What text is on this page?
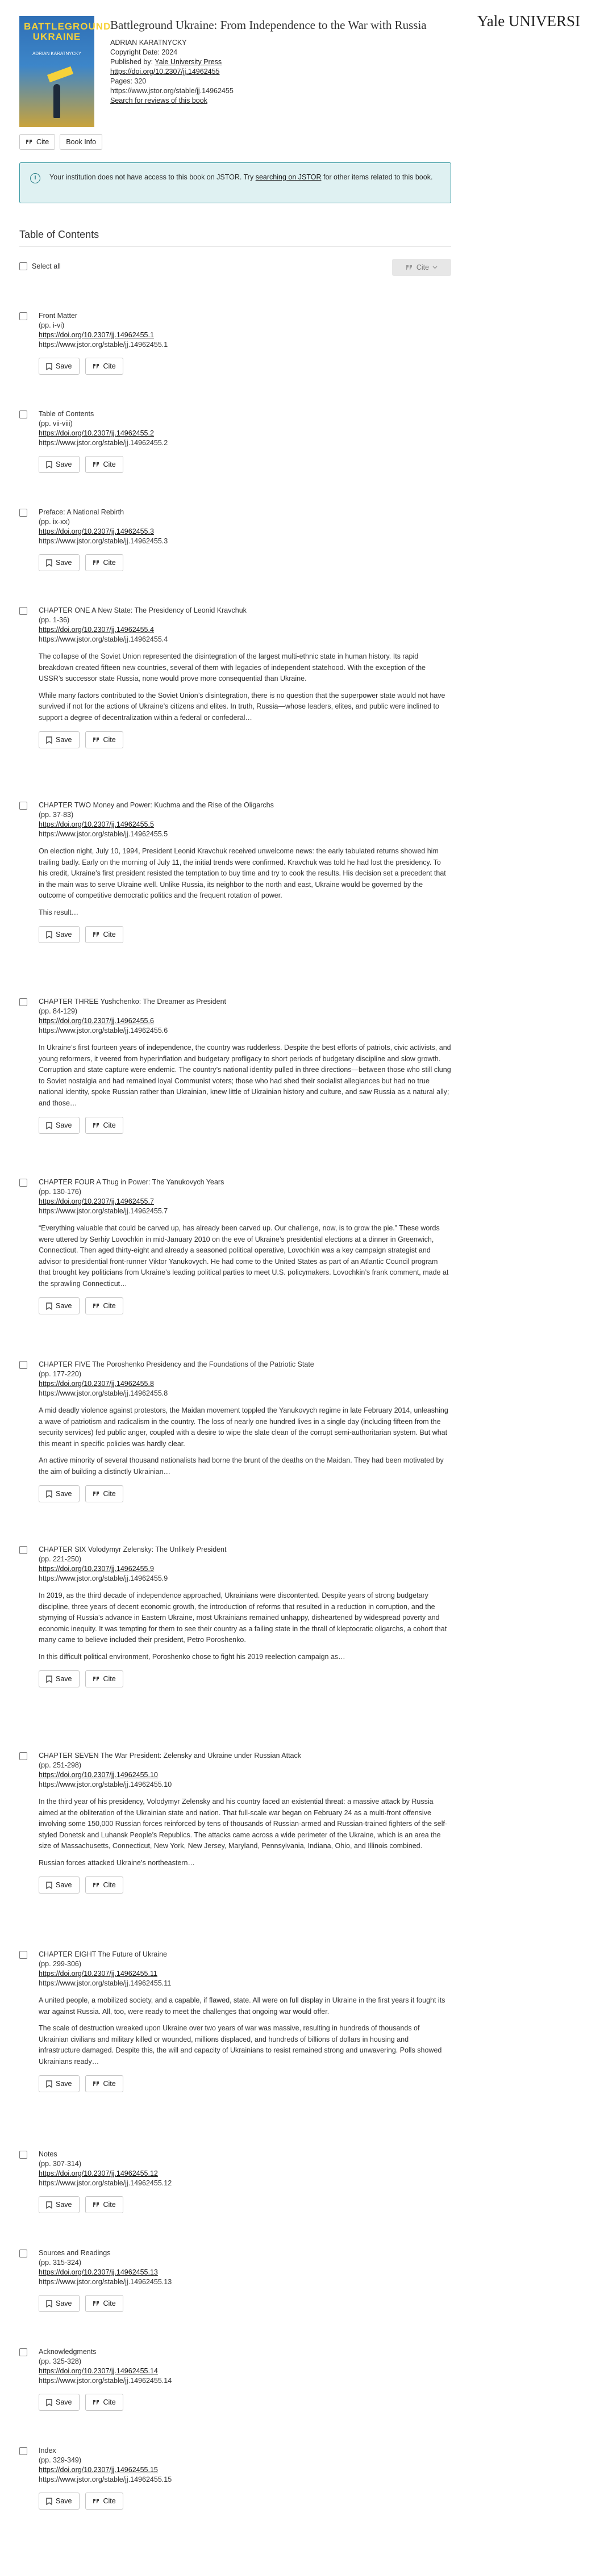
BATTLEGROUND UKRAINE
ADRIAN KARATNYCKY
Battleground Ukraine: From Independence to the War with Russia
ADRIAN KARATNYCKY
Copyright Date: 2024
Published by: Yale University Press
https://doi.org/10.2307/jj.14962455
Pages: 320
https://www.jstor.org/stable/jj.14962455
Search for reviews of this book
Yale UNIVERSI
Cite Book Info
i	Your institution does not have access to this book on JSTOR. Try searching on JSTOR for other items related to this book.
Table of Contents
Select all	Cite
Front Matter
(pp. i-vi)
https://doi.org/10.2307/jj.14962455.1
https://www.jstor.org/stable/jj.14962455.1
Save	Cite
Table of Contents
(pp. vii-viii)
https://doi.org/10.2307/jj.14962455.2
https://www.jstor.org/stable/jj.14962455.2
Save	Cite
Preface: A National Rebirth
(pp. ix-xx)
https://doi.org/10.2307/jj.14962455.3
https://www.jstor.org/stable/jj.14962455.3
Save	Cite
CHAPTER ONE A New State: The Presidency of Leonid Kravchuk
(pp. 1-36)
https://doi.org/10.2307/jj.14962455.4
https://www.jstor.org/stable/jj.14962455.4

The collapse of the Soviet Union represented the disintegration of the largest multi-ethnic state in human history. Its rapid breakdown created fifteen new countries, several of them with legacies of independent statehood. With the exception of the USSR’s successor state Russia, none would prove more consequential than Ukraine.

While many factors contributed to the Soviet Union’s disintegration, there is no question that the superpower state would not have survived if not for the actions of Ukraine’s citizens and elites. In truth, Russia—whose leaders, elites, and public were inclined to support a degree of decentralization within a federal or confederal…

Save	Cite
CHAPTER TWO Money and Power: Kuchma and the Rise of the Oligarchs
(pp. 37-83)
https://doi.org/10.2307/jj.14962455.5
https://www.jstor.org/stable/jj.14962455.5

On election night, July 10, 1994, President Leonid Kravchuk received unwelcome news: the early tabulated returns showed him trailing badly. Early on the morning of July 11, the initial trends were confirmed. Kravchuk was told he had lost the presidency. To his credit, Ukraine’s first president resisted the temptation to buy time and try to cook the results. His decision set a precedent that in the main was to serve Ukraine well. Unlike Russia, its neighbor to the north and east, Ukraine would be governed by the outcome of competitive democratic politics and the frequent rotation of power.

This result…

Save	Cite
CHAPTER THREE Yushchenko: The Dreamer as President
(pp. 84-129)
https://doi.org/10.2307/jj.14962455.6
https://www.jstor.org/stable/jj.14962455.6

In Ukraine’s first fourteen years of independence, the country was rudderless. Despite the best efforts of patriots, civic activists, and young reformers, it veered from hyperinflation and budgetary profligacy to short periods of budgetary discipline and slow growth. Corruption and state capture were endemic. The country’s national identity pulled in three directions—between those who still clung to Soviet nostalgia and had remained loyal Communist voters; those who had shed their socialist allegiances but had no true national identity, spoke Russian rather than Ukrainian, knew little of Ukrainian history and culture, and saw Russia as a natural ally; and those…

Save	Cite
CHAPTER FOUR A Thug in Power: The Yanukovych Years
(pp. 130-176)
https://doi.org/10.2307/jj.14962455.7
https://www.jstor.org/stable/jj.14962455.7

“Everything valuable that could be carved up, has already been carved up. Our challenge, now, is to grow the pie.” These words were uttered by Serhiy Lovochkin in mid-January 2010 on the eve of Ukraine’s presidential elections at a dinner in Greenwich, Connecticut. Then aged thirty-eight and already a seasoned political operative, Lovochkin was a key campaign strategist and advisor to presidential front-runner Viktor Yanukovych. He had come to the United States as part of an Atlantic Council program that brought key politicians from Ukraine’s leading political parties to meet U.S. policymakers. Lovochkin’s frank comment, made at the sprawling Connecticut…

Save	Cite
CHAPTER FIVE The Poroshenko Presidency and the Foundations of the Patriotic State
(pp. 177-220)
https://doi.org/10.2307/jj.14962455.8
https://www.jstor.org/stable/jj.14962455.8

A mid deadly violence against protestors, the Maidan movement toppled the Yanukovych regime in late February 2014, unleashing a wave of patriotism and radicalism in the country. The loss of nearly one hundred lives in a single day (including fifteen from the security services) fed public anger, coupled with a desire to wipe the slate clean of the corrupt semi-authoritarian system. But what this meant in specific policies was hardly clear.

An active minority of several thousand nationalists had borne the brunt of the deaths on the Maidan. They had been motivated by the aim of building a distinctly Ukrainian…

Save	Cite
CHAPTER SIX Volodymyr Zelensky: The Unlikely President
(pp. 221-250)
https://doi.org/10.2307/jj.14962455.9
https://www.jstor.org/stable/jj.14962455.9

In 2019, as the third decade of independence approached, Ukrainians were discontented. Despite years of strong budgetary discipline, three years of decent economic growth, the introduction of reforms that resulted in a reduction in corruption, and the stymying of Russia’s advance in Eastern Ukraine, most Ukrainians remained unhappy, disheartened by widespread poverty and economic inequity. It was tempting for them to see their country as a failing state in the thrall of kleptocratic oligarchs, a cohort that many came to believe included their president, Petro Poroshenko.

In this difficult political environment, Poroshenko chose to fight his 2019 reelection campaign as…

Save	Cite
CHAPTER SEVEN The War President: Zelensky and Ukraine under Russian Attack
(pp. 251-298)
https://doi.org/10.2307/jj.14962455.10
https://www.jstor.org/stable/jj.14962455.10

In the third year of his presidency, Volodymyr Zelensky and his country faced an existential threat: a massive attack by Russia aimed at the obliteration of the Ukrainian state and nation. That full-scale war began on February 24 as a multi-front offensive involving some 150,000 Russian forces reinforced by tens of thousands of Russian-armed and Russian-trained fighters of the self-styled Donetsk and Luhansk People’s Republics. The attacks came across a wide perimeter of the Ukraine, which is an area the size of Massachusetts, Connecticut, New York, New Jersey, Maryland, Pennsylvania, Indiana, Ohio, and Illinois combined.

Russian forces attacked Ukraine’s northeastern…

Save	Cite
CHAPTER EIGHT The Future of Ukraine
(pp. 299-306)
https://doi.org/10.2307/jj.14962455.11
https://www.jstor.org/stable/jj.14962455.11

A united people, a mobilized society, and a capable, if flawed, state. All were on full display in Ukraine in the first years it fought its war against Russia. All, too, were ready to meet the challenges that ongoing war would offer.

The scale of destruction wreaked upon Ukraine over two years of war was massive, resulting in hundreds of thousands of Ukrainian civilians and military killed or wounded, millions displaced, and hundreds of billions of dollars in housing and infrastructure damaged. Despite this, the will and capacity of Ukrainians to resist remained strong and unwavering. Polls showed Ukrainians ready…

Save	Cite
Notes
(pp. 307-314)
https://doi.org/10.2307/jj.14962455.12
https://www.jstor.org/stable/jj.14962455.12
Save	Cite
Sources and Readings
(pp. 315-324)
https://doi.org/10.2307/jj.14962455.13
https://www.jstor.org/stable/jj.14962455.13
Save	Cite
Acknowledgments
(pp. 325-328)
https://doi.org/10.2307/jj.14962455.14
https://www.jstor.org/stable/jj.14962455.14
Save	Cite
Index
(pp. 329-349)
https://doi.org/10.2307/jj.14962455.15
https://www.jstor.org/stable/jj.14962455.15
Save	Cite
